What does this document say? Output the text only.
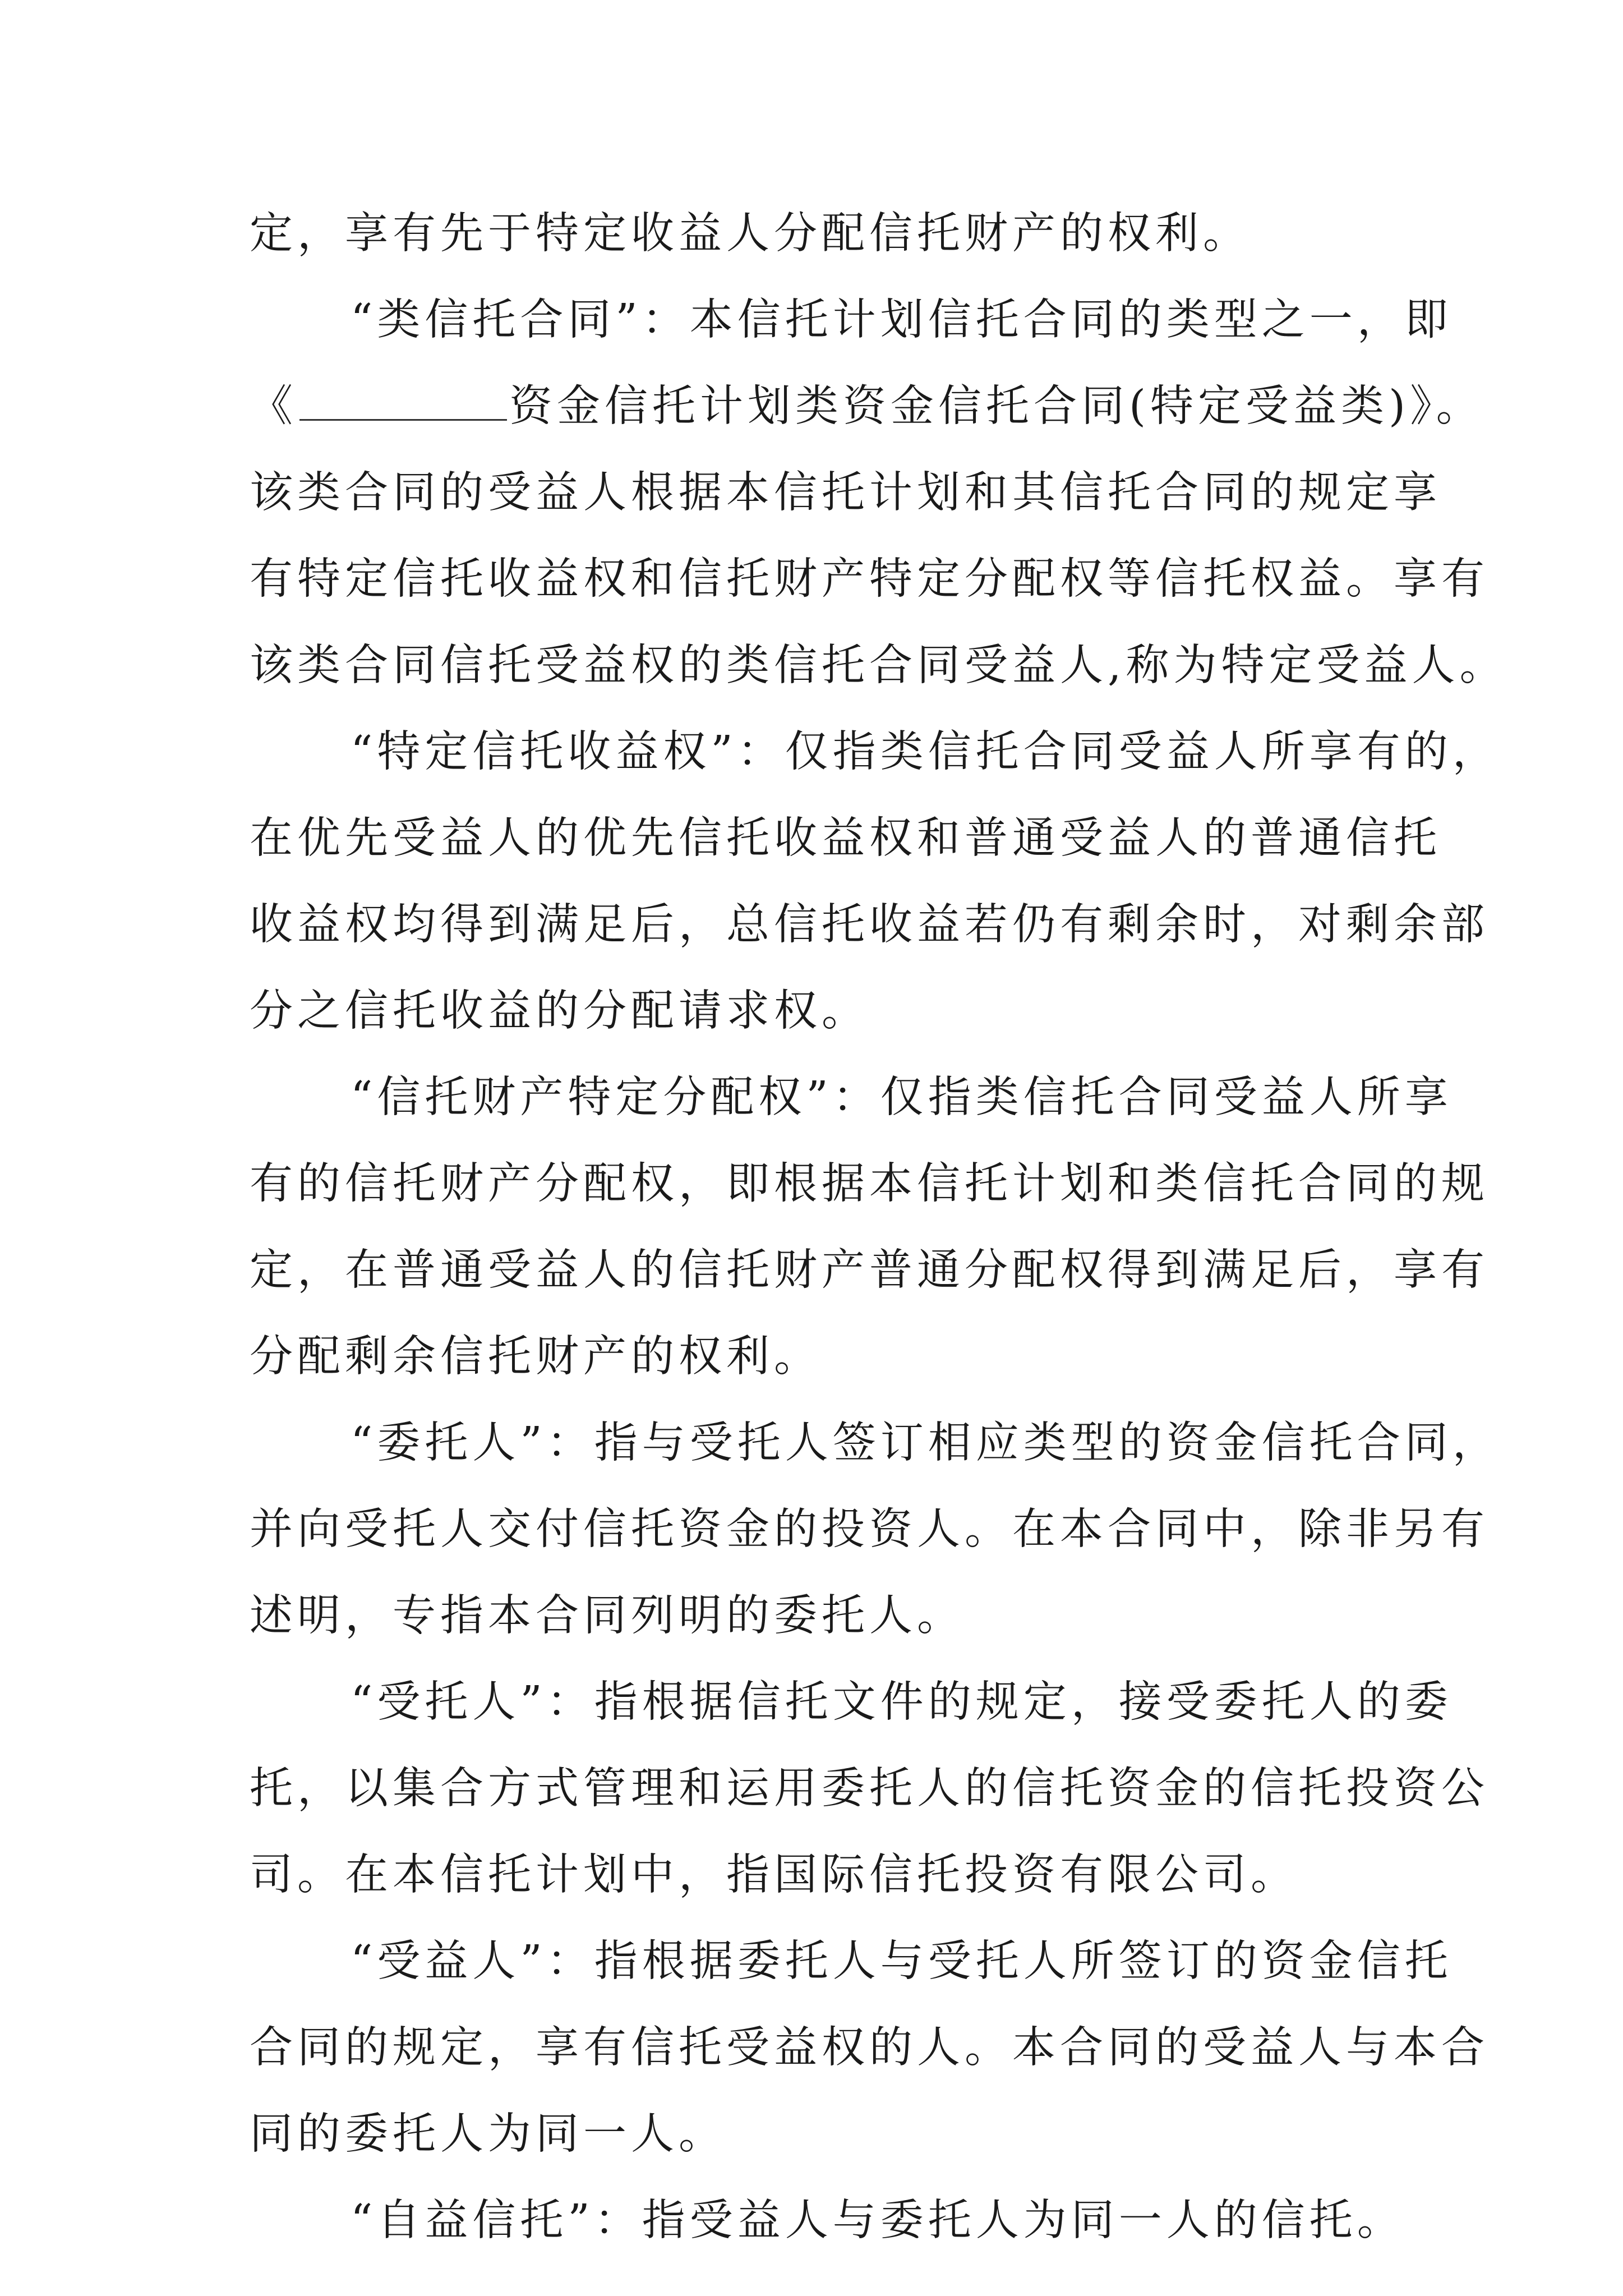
定，享有先于特定收益人分配信托财产的权利。
“类信托合同”：本信托计划信托合同的类型之一，即
《	资金信托计划类资金信托合同(特定受益类)》。
该类合同的受益人根据本信托计划和其信托合同的规定享
有特定信托收益权和信托财产特定分配权等信托权益。享有
该类合同信托受益权的类信托合同受益人,称为特定受益人。
“特定信托收益权”：仅指类信托合同受益人所享有的，
在优先受益人的优先信托收益权和普通受益人的普通信托
收益权均得到满足后，总信托收益若仍有剩余时，对剩余部
分之信托收益的分配请求权。
“信托财产特定分配权”：仅指类信托合同受益人所享
有的信托财产分配权，即根据本信托计划和类信托合同的规
定，在普通受益人的信托财产普通分配权得到满足后，享有
分配剩余信托财产的权利。
“委托人”：指与受托人签订相应类型的资金信托合同，
并向受托人交付信托资金的投资人。在本合同中，除非另有
述明，专指本合同列明的委托人。
“受托人”：指根据信托文件的规定，接受委托人的委
托，以集合方式管理和运用委托人的信托资金的信托投资公
司。在本信托计划中，指国际信托投资有限公司。
“受益人”：指根据委托人与受托人所签订的资金信托
合同的规定，享有信托受益权的人。本合同的受益人与本合
同的委托人为同一人。
“自益信托”：指受益人与委托人为同一人的信托。
